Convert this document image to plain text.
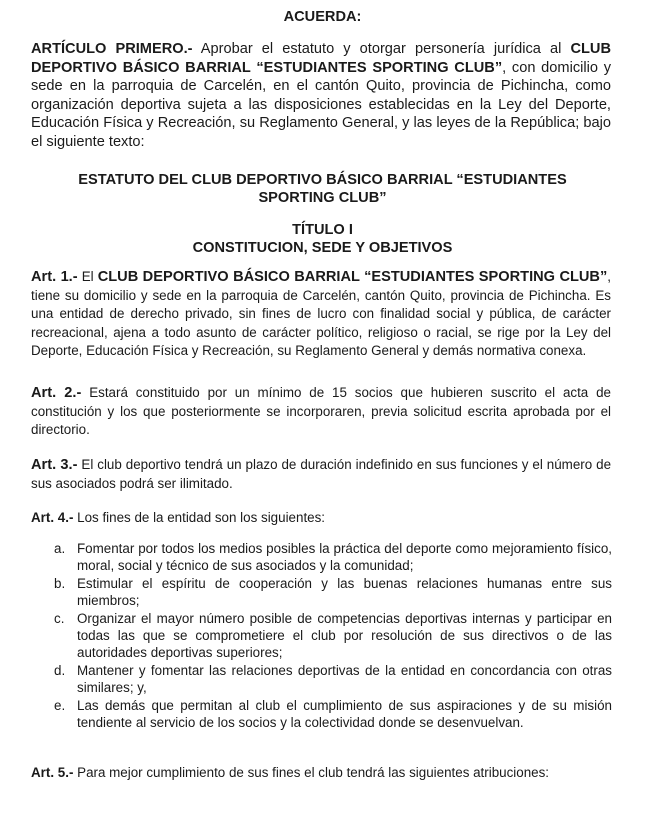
ACUERDA:

ARTÍCULO PRIMERO.- Aprobar el estatuto y otorgar personería jurídica al CLUB DEPORTIVO BÁSICO BARRIAL “ESTUDIANTES SPORTING CLUB”, con domicilio y sede en la parroquia de Carcelén, en el cantón Quito, provincia de Pichincha, como organización deportiva sujeta a las disposiciones establecidas en la Ley del Deporte, Educación Física y Recreación, su Reglamento General, y las leyes de la República; bajo el siguiente texto:

ESTATUTO DEL CLUB DEPORTIVO BÁSICO BARRIAL “ESTUDIANTES SPORTING CLUB”
TÍTULO I
CONSTITUCION, SEDE Y OBJETIVOS

Art. 1.- El CLUB DEPORTIVO BÁSICO BARRIAL “ESTUDIANTES SPORTING CLUB”, tiene su domicilio y sede en la parroquia de Carcelén, cantón Quito, provincia de Pichincha. Es una entidad de derecho privado, sin fines de lucro con finalidad social y pública, de carácter recreacional, ajena a todo asunto de carácter político, religioso o racial, se rige por la Ley del Deporte, Educación Física y Recreación, su Reglamento General y demás normativa conexa.

Art. 2.- Estará constituido por un mínimo de 15 socios que hubieren suscrito el acta de constitución y los que posteriormente se incorporaren, previa solicitud escrita aprobada por el directorio.

Art. 3.- El club deportivo tendrá un plazo de duración indefinido en sus funciones y el número de sus asociados podrá ser ilimitado.

Art. 4.- Los fines de la entidad son los siguientes:

a. Fomentar por todos los medios posibles la práctica del deporte como mejoramiento físico, moral, social y técnico de sus asociados y la comunidad;
b. Estimular el espíritu de cooperación y las buenas relaciones humanas entre sus miembros;
c. Organizar el mayor número posible de competencias deportivas internas y participar en todas las que se comprometiere el club por resolución de sus directivos o de las autoridades deportivas superiores;
d. Mantener y fomentar las relaciones deportivas de la entidad en concordancia con otras similares; y,
e. Las demás que permitan al club el cumplimiento de sus aspiraciones y de su misión tendiente al servicio de los socios y la colectividad donde se desenvuelvan.

Art. 5.- Para mejor cumplimiento de sus fines el club tendrá las siguientes atribuciones:
